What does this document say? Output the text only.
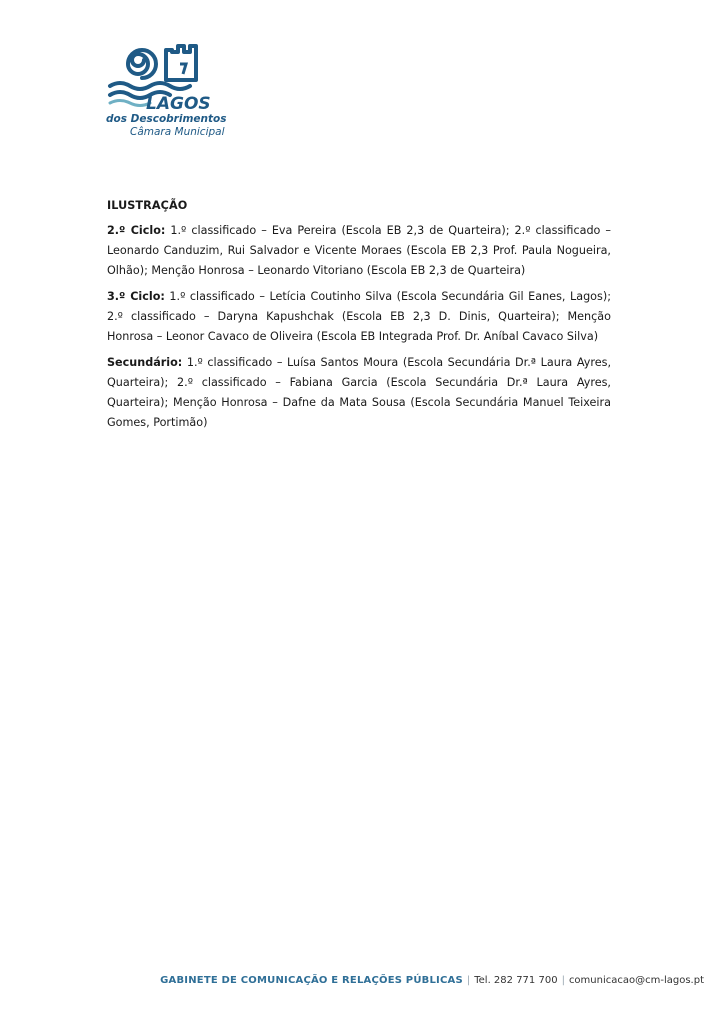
LAGOS
dos Descobrimentos
Câmara Municipal
ILUSTRAÇÃO

2.º Ciclo: 1.º classificado – Eva Pereira (Escola EB 2,3 de Quarteira); 2.º classificado – Leonardo Canduzim, Rui Salvador e Vicente Moraes (Escola EB 2,3 Prof. Paula Nogueira, Olhão); Menção Honrosa – Leonardo Vitoriano (Escola EB 2,3 de Quarteira)

3.º Ciclo: 1.º classificado – Letícia Coutinho Silva (Escola Secundária Gil Eanes, Lagos); 2.º classificado – Daryna Kapushchak (Escola EB 2,3 D. Dinis, Quarteira); Menção Honrosa – Leonor Cavaco de Oliveira (Escola EB Integrada Prof. Dr. Aníbal Cavaco Silva)

Secundário: 1.º classificado – Luísa Santos Moura (Escola Secundária Dr.ª Laura Ayres, Quarteira); 2.º classificado – Fabiana Garcia (Escola Secundária Dr.ª Laura Ayres, Quarteira); Menção Honrosa – Dafne da Mata Sousa (Escola Secundária Manuel Teixeira Gomes, Portimão)

GABINETE DE COMUNICAÇÃO E RELAÇÕES PÚBLICAS | Tel. 282 771 700 | comunicacao@cm-lagos.pt
